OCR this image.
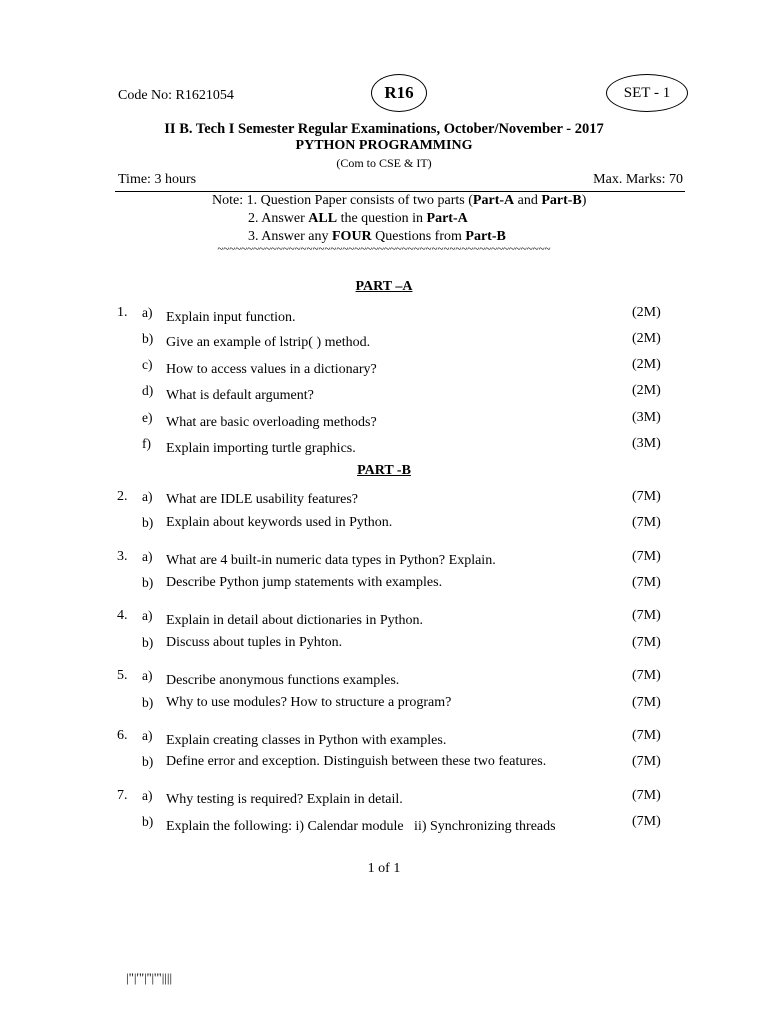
Code No: R1621054	R16	SET - 1
II B. Tech I Semester Regular Examinations, October/November - 2017
PYTHON PROGRAMMING
(Com to CSE & IT)
Time: 3 hours	Max. Marks: 70
Note: 1. Question Paper consists of two parts (Part-A and Part-B)
2. Answer ALL the question in Part-A
3. Answer any FOUR Questions from Part-B
~~~~~~~~~~~~~~~~~~~~~~~~~~~~~~~~~~~~~~~~~~~~~~~~~~~~~~~~
PART –A
1. a) Explain input function.	(2M)
b) Give an example of lstrip( ) method.	(2M)
c) How to access values in a dictionary?	(2M)
d) What is default argument?	(2M)
e) What are basic overloading methods?	(3M)
f) Explain importing turtle graphics.	(3M)
PART -B
2. a) What are IDLE usability features?	(7M)
b) Explain about keywords used in Python.	(7M)
3. a) What are 4 built-in numeric data types in Python? Explain.	(7M)
b) Describe Python jump statements with examples.	(7M)
4. a) Explain in detail about dictionaries in Python.	(7M)
b) Discuss about tuples in Pyhton.	(7M)
5. a) Describe anonymous functions examples.	(7M)
b) Why to use modules? How to structure a program?	(7M)
6. a) Explain creating classes in Python with examples.	(7M)
b) Define error and exception. Distinguish between these two features.	(7M)
7. a) Why testing is required? Explain in detail.	(7M)
b) Explain the following: i) Calendar module   ii) Synchronizing threads	(7M)
1 of 1
|"|'"|''|'"||||
